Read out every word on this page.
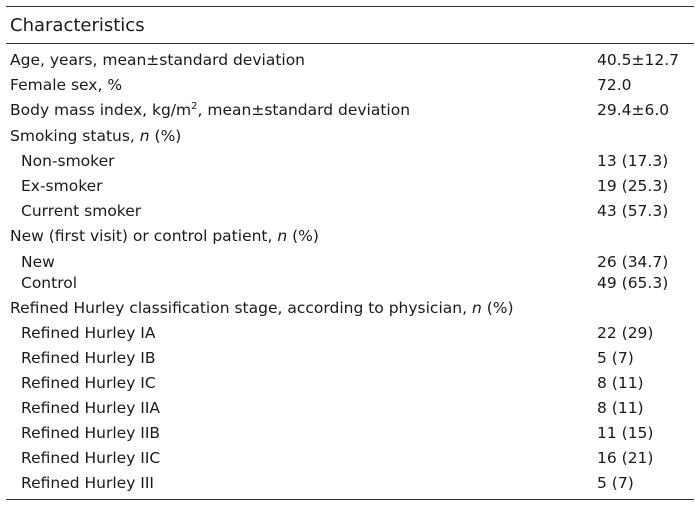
Characteristics
Age, years, mean±standard deviation	40.5±12.7
Female sex, %	72.0
Body mass index, $kg/m^2$, mean±standard deviation	29.4±6.0
Smoking status, n (%)
Non-smoker	13 (17.3)
Ex-smoker	19 (25.3)
Current smoker	43 (57.3)
New (first visit) or control patient, n (%)
New	26 (34.7)
Control	49 (65.3)
Refined Hurley classification stage, according to physician, n (%)
Refined Hurley IA	22 (29)
Refined Hurley IB	5 (7)
Refined Hurley IC	8 (11)
Refined Hurley IIA	8 (11)
Refined Hurley IIB	11 (15)
Refined Hurley IIC	16 (21)
Refined Hurley III	5 (7)
